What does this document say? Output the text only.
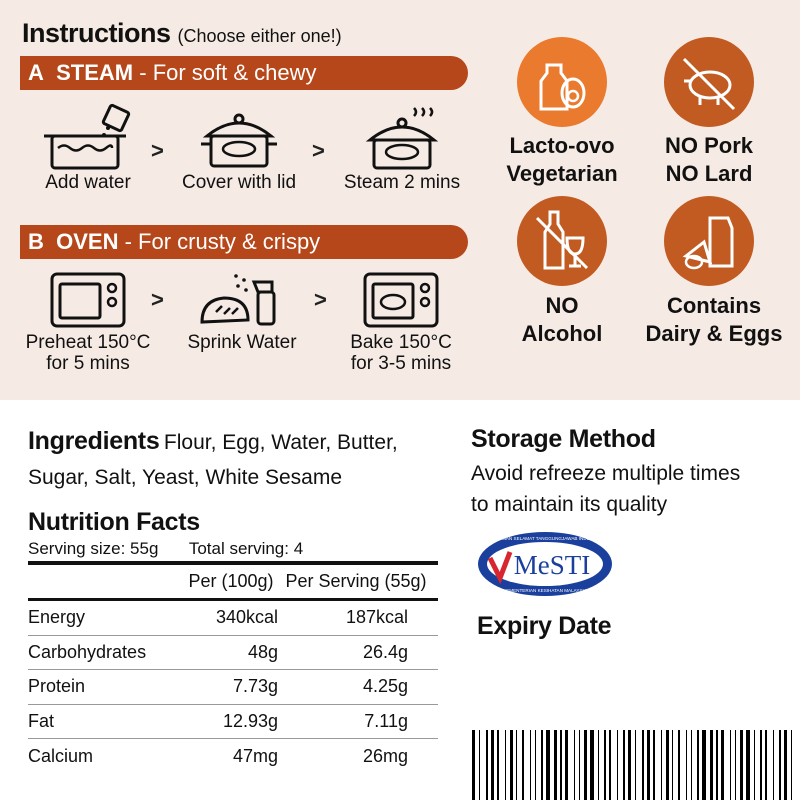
Instructions (Choose either one!)
A STEAM - For soft & chewy
Add water
>
Cover with lid
>
Steam 2 mins
B OVEN - For crusty & crispy
Preheat 150°C
for 5 mins
>
Sprink Water
>
Bake 150°C
for 3-5 mins
Lacto-ovo
Vegetarian
NO Pork
NO Lard
NO
Alcohol
Contains
Dairy & Eggs
Ingredients Flour, Egg, Water, Butter, Sugar, Salt, Yeast, White Sesame
Storage Method
Avoid refreeze multiple times
to maintain its quality
Nutrition Facts
Serving size: 55g Total serving: 4
Per (100g) Per Serving (55g)
Energy	340kcal	187kcal
Carbohydrates	48g	26.4g
Protein	7.73g	4.25g
Fat	12.93g	7.11g
Calcium	47mg	26mg
MAKANAN SELAMAT TANGGUNGJAWAB INDUSTRI
MeSTI
KEMENTERIAN KESIHATAN MALAYSIA
Expiry Date
